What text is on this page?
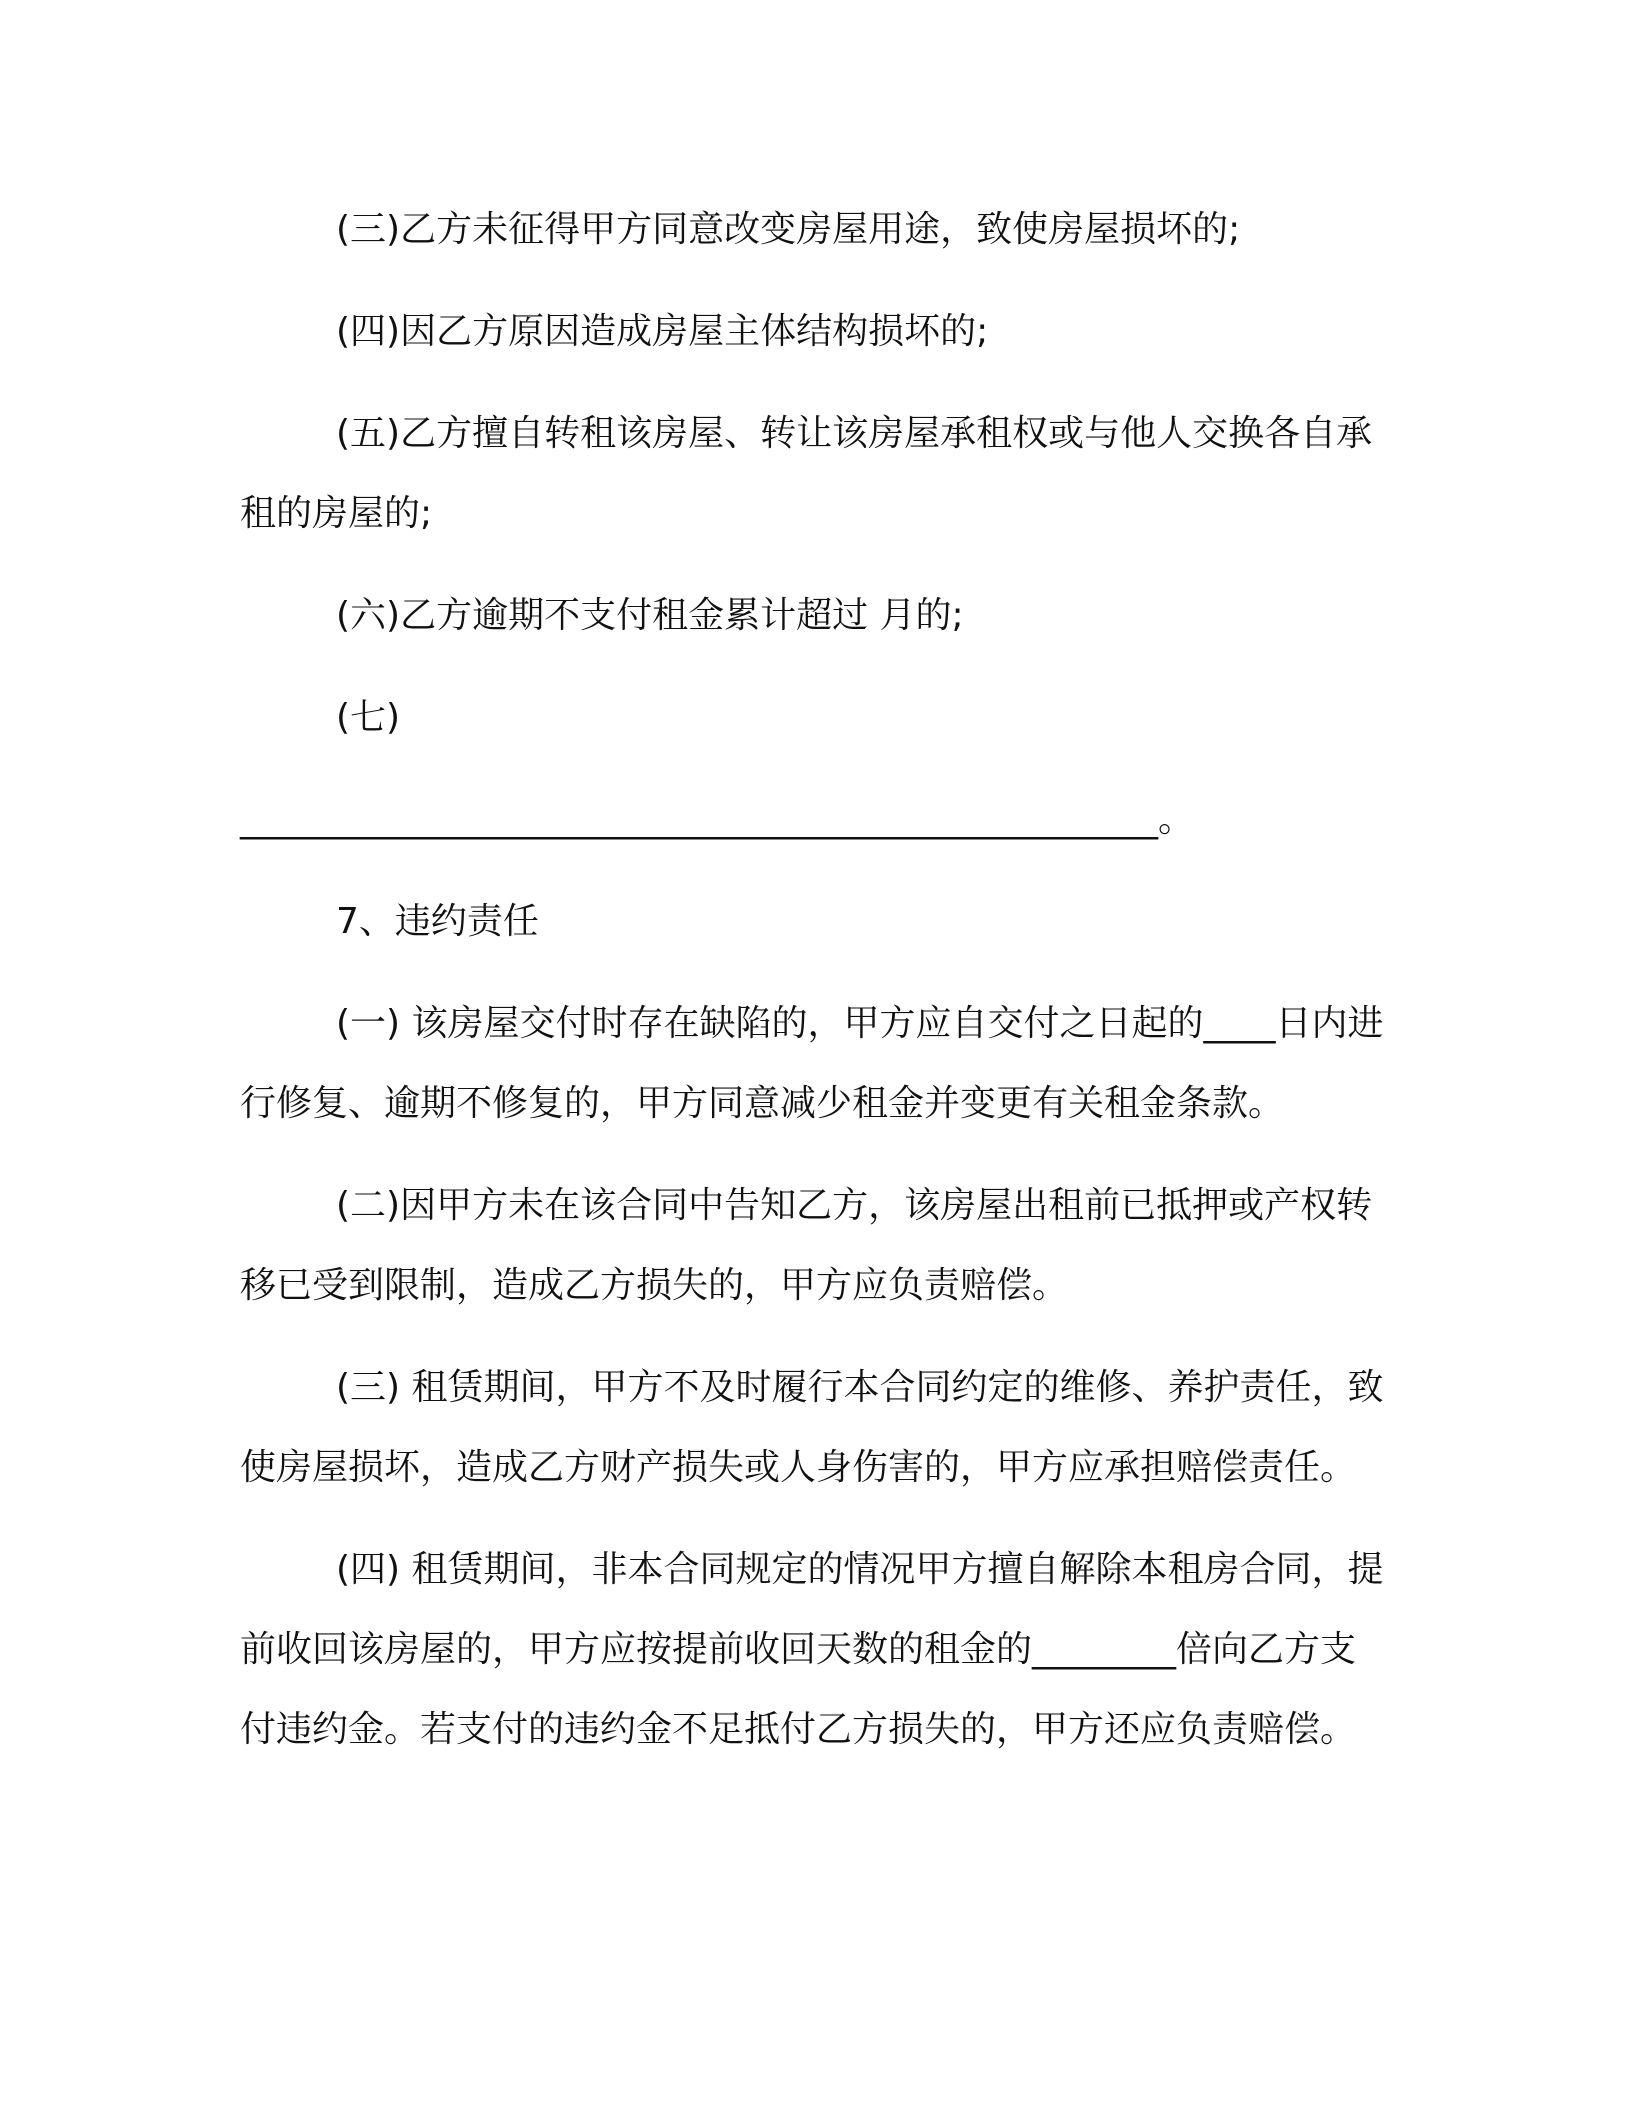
(三)乙方未征得甲方同意改变房屋用途，致使房屋损坏的;

(四)因乙方原因造成房屋主体结构损坏的;

(五)乙方擅自转租该房屋、转让该房屋承租权或与他人交换各自承租的房屋的;

(六)乙方逾期不支付租金累计超过 月的;

(七)

___________________________________________________。

7、违约责任

(一) 该房屋交付时存在缺陷的，甲方应自交付之日起的____日内进行修复、逾期不修复的，甲方同意减少租金并变更有关租金条款。

(二)因甲方未在该合同中告知乙方，该房屋出租前已抵押或产权转移已受到限制，造成乙方损失的，甲方应负责赔偿。

(三) 租赁期间，甲方不及时履行本合同约定的维修、养护责任，致使房屋损坏，造成乙方财产损失或人身伤害的，甲方应承担赔偿责任。

(四) 租赁期间，非本合同规定的情况甲方擅自解除本租房合同，提前收回该房屋的，甲方应按提前收回天数的租金的________倍向乙方支付违约金。若支付的违约金不足抵付乙方损失的，甲方还应负责赔偿。
